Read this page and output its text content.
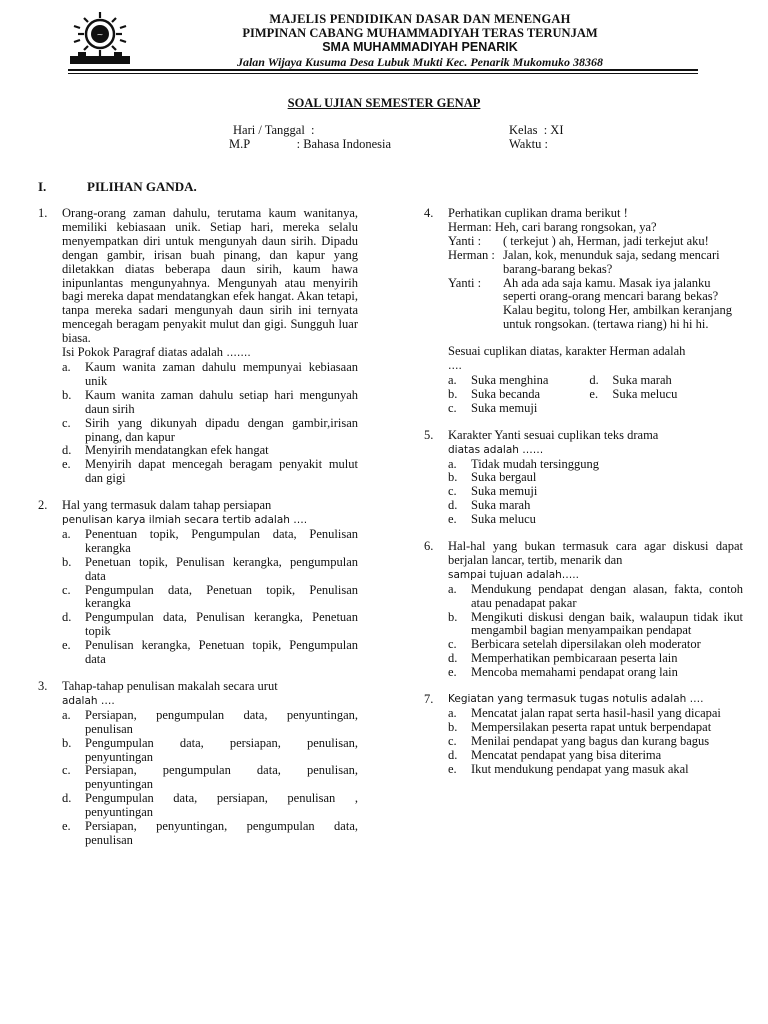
~
MAJELIS PENDIDIKAN DASAR DAN MENENGAH
PIMPINAN CABANG MUHAMMADIYAH TERAS TERUNJAM
SMA MUHAMMADIYAH PENARIK
Jalan Wijaya Kusuma Desa Lubuk Mukti Kec. Penarik Mukomuko 38368
SOAL UJIAN SEMESTER GENAP
Hari / Tanggal  :
M.P               : Bahasa Indonesia
Kelas  : XI
Waktu :
I.	PILIHAN GANDA.
1. Orang-orang zaman dahulu, terutama kaum wanitanya, memiliki kebiasaan unik. Setiap hari, mereka selalu menyempatkan diri untuk mengunyah daun sirih. Dipadu dengan gambir, irisan buah pinang, dan kapur yang diletakkan diatas beberapa daun sirih, kaum hawa inipunlantas mengunyahnya. Mengunyah atau menyirih bagi mereka dapat mendatangkan efek hangat. Akan tetapi, tanpa mereka sadari mengunyah daun sirih ini ternyata mencegah beragam penyakit mulut dan gigi. Sungguh luar biasa.
Isi Pokok Paragraf diatas adalah …….
a. Kaum wanita zaman dahulu mempunyai kebiasaan unik
b. Kaum wanita zaman dahulu setiap hari mengunyah daun sirih
c. Sirih yang dikunyah dipadu dengan gambir,irisan pinang, dan kapur
d. Menyirih mendatangkan efek hangat
e. Menyirih dapat mencegah beragam penyakit mulut dan gigi
2. Hal yang termasuk dalam tahap persiapan
penulisan karya ilmiah secara tertib adalah ….
a. Penentuan topik, Pengumpulan data, Penulisan kerangka
b. Penetuan topik, Penulisan kerangka, pengumpulan data
c. Pengumpulan data, Penetuan topik, Penulisan kerangka
d. Pengumpulan data, Penulisan kerangka, Penetuan topik
e. Penulisan kerangka, Penetuan topik, Pengumpulan data
3. Tahap-tahap penulisan makalah secara urut
adalah ….
a. Persiapan, pengumpulan data, penyuntingan, penulisan
b. Pengumpulan data, persiapan, penulisan, penyuntingan
c. Persiapan, pengumpulan data, penulisan, penyuntingan
d. Pengumpulan data, persiapan, penulisan , penyuntingan
e. Persiapan, penyuntingan, pengumpulan data, penulisan
4. Perhatikan cuplikan drama berikut !
Herman: Heh, cari barang rongsokan, ya?
Yanti :	( terkejut ) ah, Herman, jadi terkejut aku!
Herman : Jalan, kok, menunduk saja, sedang mencari barang-barang bekas?
Yanti :	Ah ada ada saja kamu. Masak iya jalanku seperti orang-orang mencari barang bekas? Kalau begitu, tolong Her, ambilkan keranjang untuk rongsokan. (tertawa riang) hi hi hi.
Sesuai cuplikan diatas, karakter Herman adalah
….
a. Suka menghina	d. Suka marah
b. Suka becanda	e. Suka melucu
c. Suka memuji
5. Karakter Yanti sesuai cuplikan teks drama
diatas adalah ……
a. Tidak mudah tersinggung
b. Suka bergaul
c. Suka memuji
d. Suka marah
e. Suka melucu
6. Hal-hal yang bukan termasuk cara agar diskusi dapat berjalan lancar, tertib, menarik dan
sampai tujuan adalah…..
a. Mendukung pendapat dengan alasan, fakta, contoh atau penadapat pakar
b. Mengikuti diskusi dengan baik, walaupun tidak ikut mengambil bagian menyampaikan pendapat
c. Berbicara setelah dipersilakan oleh moderator
d. Memperhatikan pembicaraan peserta lain
e. Mencoba memahami pendapat orang lain
7. Kegiatan yang termasuk tugas notulis adalah ….
a. Mencatat jalan rapat serta hasil-hasil yang dicapai
b. Mempersilakan peserta rapat untuk berpendapat
c. Menilai pendapat yang bagus dan kurang bagus
d. Mencatat pendapat yang bisa diterima
e. Ikut mendukung pendapat yang masuk akal
